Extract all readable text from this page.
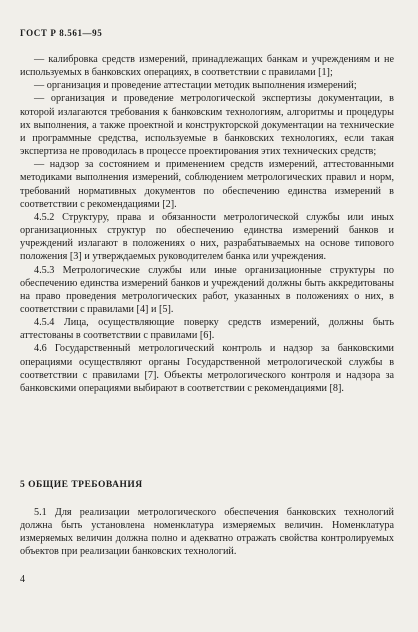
ГОСТ Р 8.561—95

— калибровка средств измерений, принадлежащих банкам и учреждениям и не используемых в банковских операциях, в соответствии с правилами [1];

— организация и проведение аттестации методик выполнения измерений;

— организация и проведение метрологической экспертизы документации, в которой излагаются требования к банковским технологиям, алгоритмы и процедуры их выполнения, а также проектной и конструкторской документации на технические и программные средства, используемые в банковских технологиях, если такая экспертиза не проводилась в процессе проектирования этих технических средств;

— надзор за состоянием и применением средств измерений, аттестованными методиками выполнения измерений, соблюдением метрологических правил и норм, требований нормативных документов по обеспечению единства измерений в соответствии с рекомендациями [2].

4.5.2 Структуру, права и обязанности метрологической службы или иных организационных структур по обеспечению единства измерений банков и учреждений излагают в положениях о них, разрабатываемых на основе типового положения [3] и утверждаемых руководителем банка или учреждения.

4.5.3 Метрологические службы или иные организационные структуры по обеспечению единства измерений банков и учреждений должны быть аккредитованы на право проведения метрологических работ, указанных в положениях о них, в соответствии с правилами [4] и [5].

4.5.4 Лица, осуществляющие поверку средств измерений, должны быть аттестованы в соответствии с правилами [6].

4.6 Государственный метрологический контроль и надзор за банковскими операциями осуществляют органы Государственной метрологической службы в соответствии с правилами [7]. Объекты метрологического контроля и надзора за банковскими операциями выбирают в соответствии с рекомендациями [8].

5 ОБЩИЕ ТРЕБОВАНИЯ

5.1 Для реализации метрологического обеспечения банковских технологий должна быть установлена номенклатура измеряемых величин. Номенклатура измеряемых величин должна полно и адекватно отражать свойства контролируемых объектов при реализации банковских технологий.

4
